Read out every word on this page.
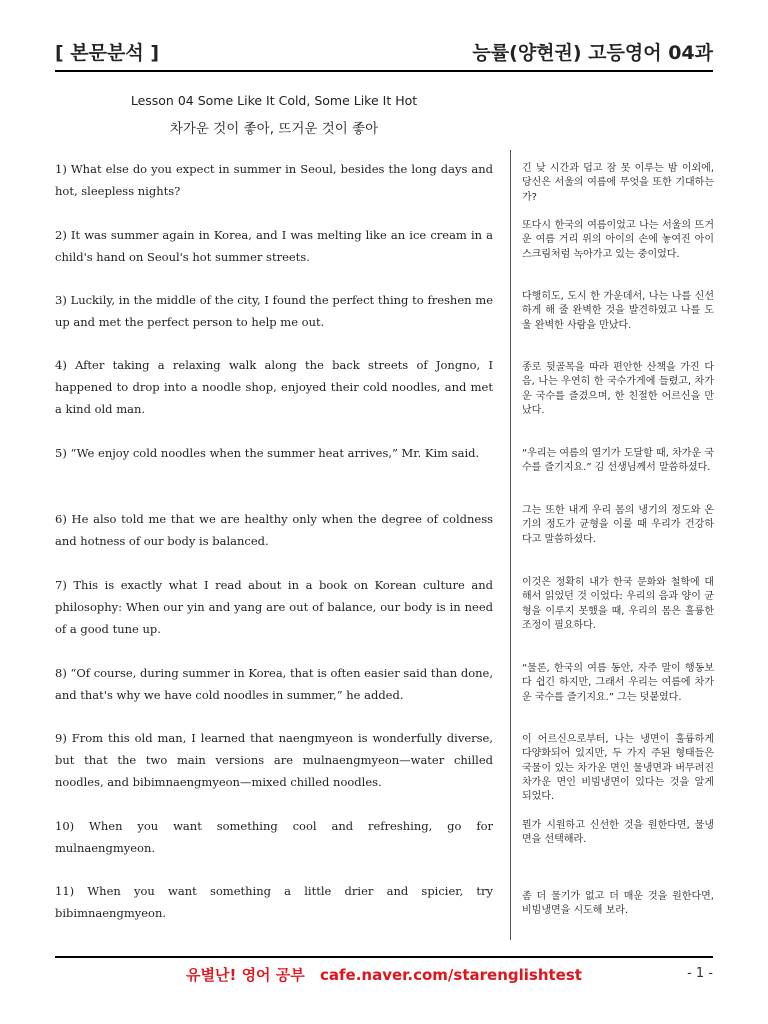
[ 본문분석 ]	능률(양현권) 고등영어 04과
Lesson 04 Some Like It Cold, Some Like It Hot
차가운 것이 좋아, 뜨거운 것이 좋아
1) What else do you expect in summer in Seoul, besides the long days and hot, sleepless nights?
긴 낮 시간과 덥고 잠 못 이루는 밤 이외에, 당신은 서울의 여름에 무엇을 또한 기대하는가?
2) It was summer again in Korea, and I was melting like an ice cream in a child's hand on Seoul's hot summer streets.
또다시 한국의 여름이었고 나는 서울의 뜨거운 여름 거리 위의 아이의 손에 놓여진 아이스크림처럼 녹아가고 있는 중이었다.
3) Luckily, in the middle of the city, I found the perfect thing to freshen me up and met the perfect person to help me out.
다행히도, 도시 한 가운데서, 나는 나를 신선하게 해 줄 완벽한 것을 발견하였고 나를 도울 완벽한 사람을 만났다.
4) After taking a relaxing walk along the back streets of Jongno, I happened to drop into a noodle shop, enjoyed their cold noodles, and met a kind old man.
종로 뒷골목을 따라 편안한 산책을 가진 다음, 나는 우연히 한 국수가게에 들렸고, 차가운 국수를 즐겼으며, 한 친절한 어르신을 만났다.
5) “We enjoy cold noodles when the summer heat arrives,” Mr. Kim said.	“우리는 여름의 열기가 도달할 때, 차가운 국수를 즐기지요.” 김 선생님께서 말씀하셨다.
6) He also told me that we are healthy only when the degree of coldness and hotness of our body is balanced.
그는 또한 내게 우리 몸의 냉기의 정도와 온기의 정도가 균형을 이룰 때 우리가 건강하다고 말씀하셨다.
7) This is exactly what I read about in a book on Korean culture and philosophy: When our yin and yang are out of balance, our body is in need of a good tune up.
이것은 정확히 내가 한국 문화와 철학에 대해서 읽었던 것 이었다: 우리의 음과 양이 균형을 이루지 못했을 때, 우리의 몸은 훌륭한 조정이 필요하다.
8) “Of course, during summer in Korea, that is often easier said than done, and that's why we have cold noodles in summer,” he added.
“물론, 한국의 여름 동안, 자주 말이 행동보다 쉽긴 하지만, 그래서 우리는 여름에 차가운 국수를 즐기지요.” 그는 덧붙였다.
9) From this old man, I learned that naengmyeon is wonderfully diverse, but that the two main versions are mulnaengmyeon—water chilled noodles, and bibimnaengmyeon—mixed chilled noodles.
이 어르신으로부터, 나는 냉면이 훌륭하게 다양화되어 있지만, 두 가지 주된 형태들은 국물이 있는 차가운 면인 물냉면과 버무려진 차가운 면인 비빔냉면이 있다는 것을 알게 되었다.
10) When you want something cool and refreshing, go for mulnaengmyeon.
뭔가 시원하고 신선한 것을 원한다면, 물냉면을 선택해라.
11) When you want something a little drier and spicier, try bibimnaengmyeon.
좀 더 물기가 없고 더 매운 것을 원한다면, 비빔냉면을 시도해 보라.
유별난! 영어 공부 cafe.naver.com/starenglishtest	- 1 -
